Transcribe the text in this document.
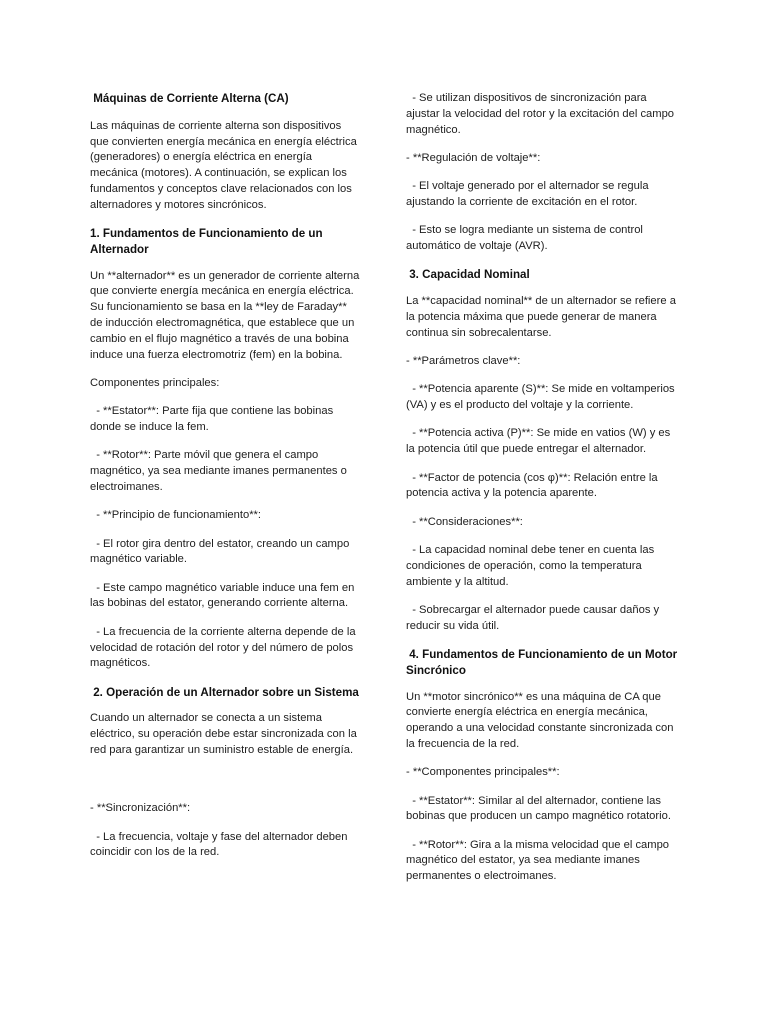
Máquinas de Corriente Alterna (CA)

Las máquinas de corriente alterna son dispositivos que convierten energía mecánica en energía eléctrica (generadores) o energía eléctrica en energía mecánica (motores). A continuación, se explican los fundamentos y conceptos clave relacionados con los alternadores y motores sincrónicos.

1. Fundamentos de Funcionamiento de un Alternador

Un **alternador** es un generador de corriente alterna que convierte energía mecánica en energía eléctrica. Su funcionamiento se basa en la **ley de Faraday** de inducción electromagnética, que establece que un cambio en el flujo magnético a través de una bobina induce una fuerza electromotriz (fem) en la bobina.

Componentes principales:

- **Estator**: Parte fija que contiene las bobinas donde se induce la fem.

- **Rotor**: Parte móvil que genera el campo magnético, ya sea mediante imanes permanentes o electroimanes.

- **Principio de funcionamiento**:

- El rotor gira dentro del estator, creando un campo magnético variable.

- Este campo magnético variable induce una fem en las bobinas del estator, generando corriente alterna.

- La frecuencia de la corriente alterna depende de la velocidad de rotación del rotor y del número de polos magnéticos.

2. Operación de un Alternador sobre un Sistema

Cuando un alternador se conecta a un sistema eléctrico, su operación debe estar sincronizada con la red para garantizar un suministro estable de energía.

- **Sincronización**:

- La frecuencia, voltaje y fase del alternador deben coincidir con los de la red.

- Se utilizan dispositivos de sincronización para ajustar la velocidad del rotor y la excitación del campo magnético.

- **Regulación de voltaje**:

- El voltaje generado por el alternador se regula ajustando la corriente de excitación en el rotor.

- Esto se logra mediante un sistema de control automático de voltaje (AVR).

3. Capacidad Nominal

La **capacidad nominal** de un alternador se refiere a la potencia máxima que puede generar de manera continua sin sobrecalentarse.

- **Parámetros clave**:

- **Potencia aparente (S)**: Se mide en voltamperios (VA) y es el producto del voltaje y la corriente.

- **Potencia activa (P)**: Se mide en vatios (W) y es la potencia útil que puede entregar el alternador.

- **Factor de potencia (cos φ)**: Relación entre la potencia activa y la potencia aparente.

- **Consideraciones**:

- La capacidad nominal debe tener en cuenta las condiciones de operación, como la temperatura ambiente y la altitud.

- Sobrecargar el alternador puede causar daños y reducir su vida útil.

4. Fundamentos de Funcionamiento de un Motor Sincrónico

Un **motor sincrónico** es una máquina de CA que convierte energía eléctrica en energía mecánica, operando a una velocidad constante sincronizada con la frecuencia de la red.

- **Componentes principales**:

- **Estator**: Similar al del alternador, contiene las bobinas que producen un campo magnético rotatorio.

- **Rotor**: Gira a la misma velocidad que el campo magnético del estator, ya sea mediante imanes permanentes o electroimanes.
